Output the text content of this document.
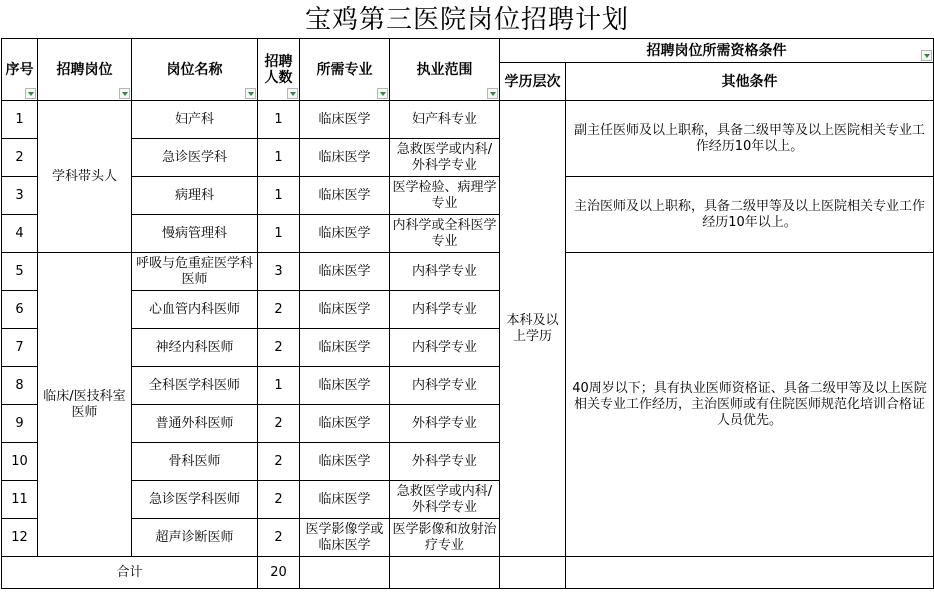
宝鸡第三医院岗位招聘计划
序号	招聘岗位	岗位名称	招聘人数	所需专业	执业范围	招聘岗位所需资格条件	

						学历层次	其他条件
1	学科带头人	妇产科	1	临床医学	妇产科专业	本科及以上学历	副主任医师及以上职称，具备二级甲等及以上医院相关专业工作经历10年以上。
2		急诊医学科	1	临床医学	急救医学或内科/外科学专业		
3		病理科	1	临床医学	医学检验、病理学专业		主治医师及以上职称，具备二级甲等及以上医院相关专业工作经历10年以上。
4		慢病管理科	1	临床医学	内科学或全科医学专业		
5	临床/医技科室医师	呼吸与危重症医学科医师	3	临床医学	内科学专业		40周岁以下；具有执业医师资格证、具备二级甲等及以上医院相关专业工作经历，主治医师或有住院医师规范化培训合格证人员优先。
6		心血管内科医师	2	临床医学	内科学专业		
7		神经内科医师	2	临床医学	内科学专业		
8		全科医学科医师	1	临床医学	内科学专业		
9		普通外科医师	2	临床医学	外科学专业		
10		骨科医师	2	临床医学	外科学专业		
11		急诊医学科医师	2	临床医学	急救医学或内科/外科学专业		
12		超声诊断医师	2	医学影像学或临床医学	医学影像和放射治疗专业		
合计			20				
